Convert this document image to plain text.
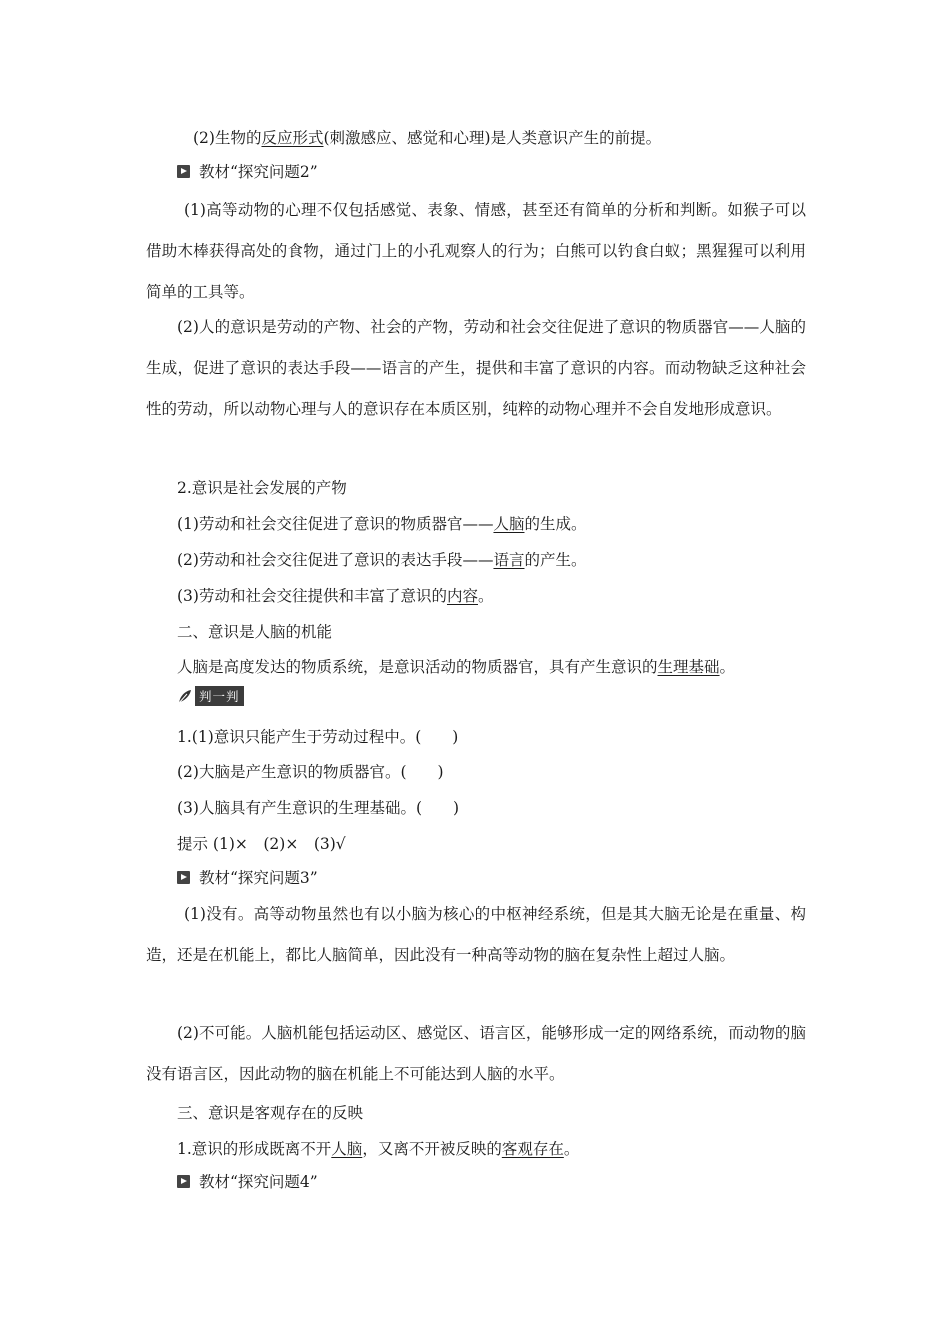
(2)生物的反应形式(刺激感应、感觉和心理)是人类意识产生的前提。
教材“探究问题2”
(1)高等动物的心理不仅包括感觉、表象、情感，甚至还有简单的分析和判断。如猴子可以借助木棒获得高处的食物，通过门上的小孔观察人的行为；白熊可以钓食白蚁；黑猩猩可以利用简单的工具等。
(2)人的意识是劳动的产物、社会的产物，劳动和社会交往促进了意识的物质器官——人脑的生成，促进了意识的表达手段——语言的产生，提供和丰富了意识的内容。而动物缺乏这种社会性的劳动，所以动物心理与人的意识存在本质区别，纯粹的动物心理并不会自发地形成意识。
2.意识是社会发展的产物
(1)劳动和社会交往促进了意识的物质器官——人脑的生成。
(2)劳动和社会交往促进了意识的表达手段——语言的产生。
(3)劳动和社会交往提供和丰富了意识的内容。
二、意识是人脑的机能
人脑是高度发达的物质系统，是意识活动的物质器官，具有产生意识的生理基础。
判一判
1.(1)意识只能产生于劳动过程中。(　　)
(2)大脑是产生意识的物质器官。(　　)
(3)人脑具有产生意识的生理基础。(　　)
提示 (1)×　(2)×　(3)√
教材“探究问题3”
(1)没有。高等动物虽然也有以小脑为核心的中枢神经系统，但是其大脑无论是在重量、构造，还是在机能上，都比人脑简单，因此没有一种高等动物的脑在复杂性上超过人脑。
(2)不可能。人脑机能包括运动区、感觉区、语言区，能够形成一定的网络系统，而动物的脑没有语言区，因此动物的脑在机能上不可能达到人脑的水平。
三、意识是客观存在的反映
1.意识的形成既离不开人脑，又离不开被反映的客观存在。
教材“探究问题4”
